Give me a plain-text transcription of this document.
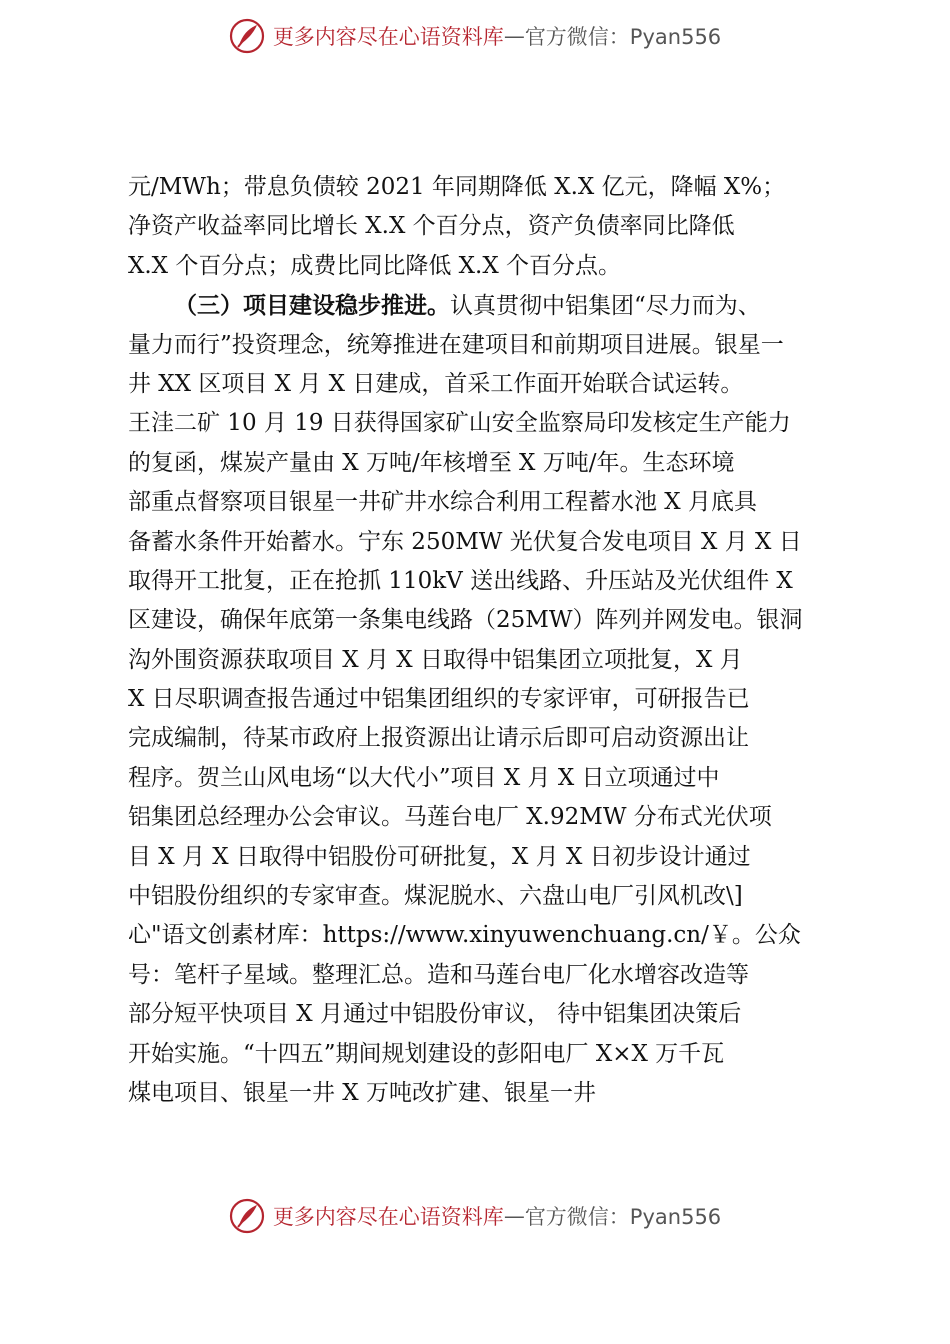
更多内容尽在心语资料库 — 官方微信：Pyan556
元/MWh；带息负债较 2021 年同期降低 X.X 亿元，降幅 X%；
净资产收益率同比增长 X.X 个百分点，资产负债率同比降低
X.X 个百分点；成费比同比降低 X.X 个百分点。
（三）项目建设稳步推进。认真贯彻中铝集团“尽力而为、
量力而行”投资理念，统筹推进在建项目和前期项目进展。银星一
井 XX 区项目 X 月 X 日建成，首采工作面开始联合试运转。
王洼二矿 10 月 19 日获得国家矿山安全监察局印发核定生产能力
的复函，煤炭产量由 X 万吨/年核增至 X 万吨/年。生态环境
部重点督察项目银星一井矿井水综合利用工程蓄水池 X 月底具
备蓄水条件开始蓄水。宁东 250MW 光伏复合发电项目 X 月 X 日
取得开工批复，正在抢抓 110kV 送出线路、升压站及光伏组件 X
区建设，确保年底第一条集电线路（25MW）阵列并网发电。银洞
沟外围资源获取项目 X 月 X 日取得中铝集团立项批复，X 月
X 日尽职调查报告通过中铝集团组织的专家评审，可研报告已
完成编制，待某市政府上报资源出让请示后即可启动资源出让
程序。贺兰山风电场“以大代小”项目 X 月 X 日立项通过中
铝集团总经理办公会审议。马莲台电厂 X.92MW 分布式光伏项
目 X 月 X 日取得中铝股份可研批复，X 月 X 日初步设计通过
中铝股份组织的专家审查。煤泥脱水、六盘山电厂引风机改\]
心"语文创素材库：https://www.xinyuwenchuang.cn/￥。公众
号：笔杆子星域。整理汇总。造和马莲台电厂化水增容改造等
部分短平快项目 X 月通过中铝股份审议， 待中铝集团决策后
开始实施。“十四五”期间规划建设的彭阳电厂 X×X 万千瓦
煤电项目、银星一井 X 万吨改扩建、银星一井
更多内容尽在心语资料库 — 官方微信：Pyan556
